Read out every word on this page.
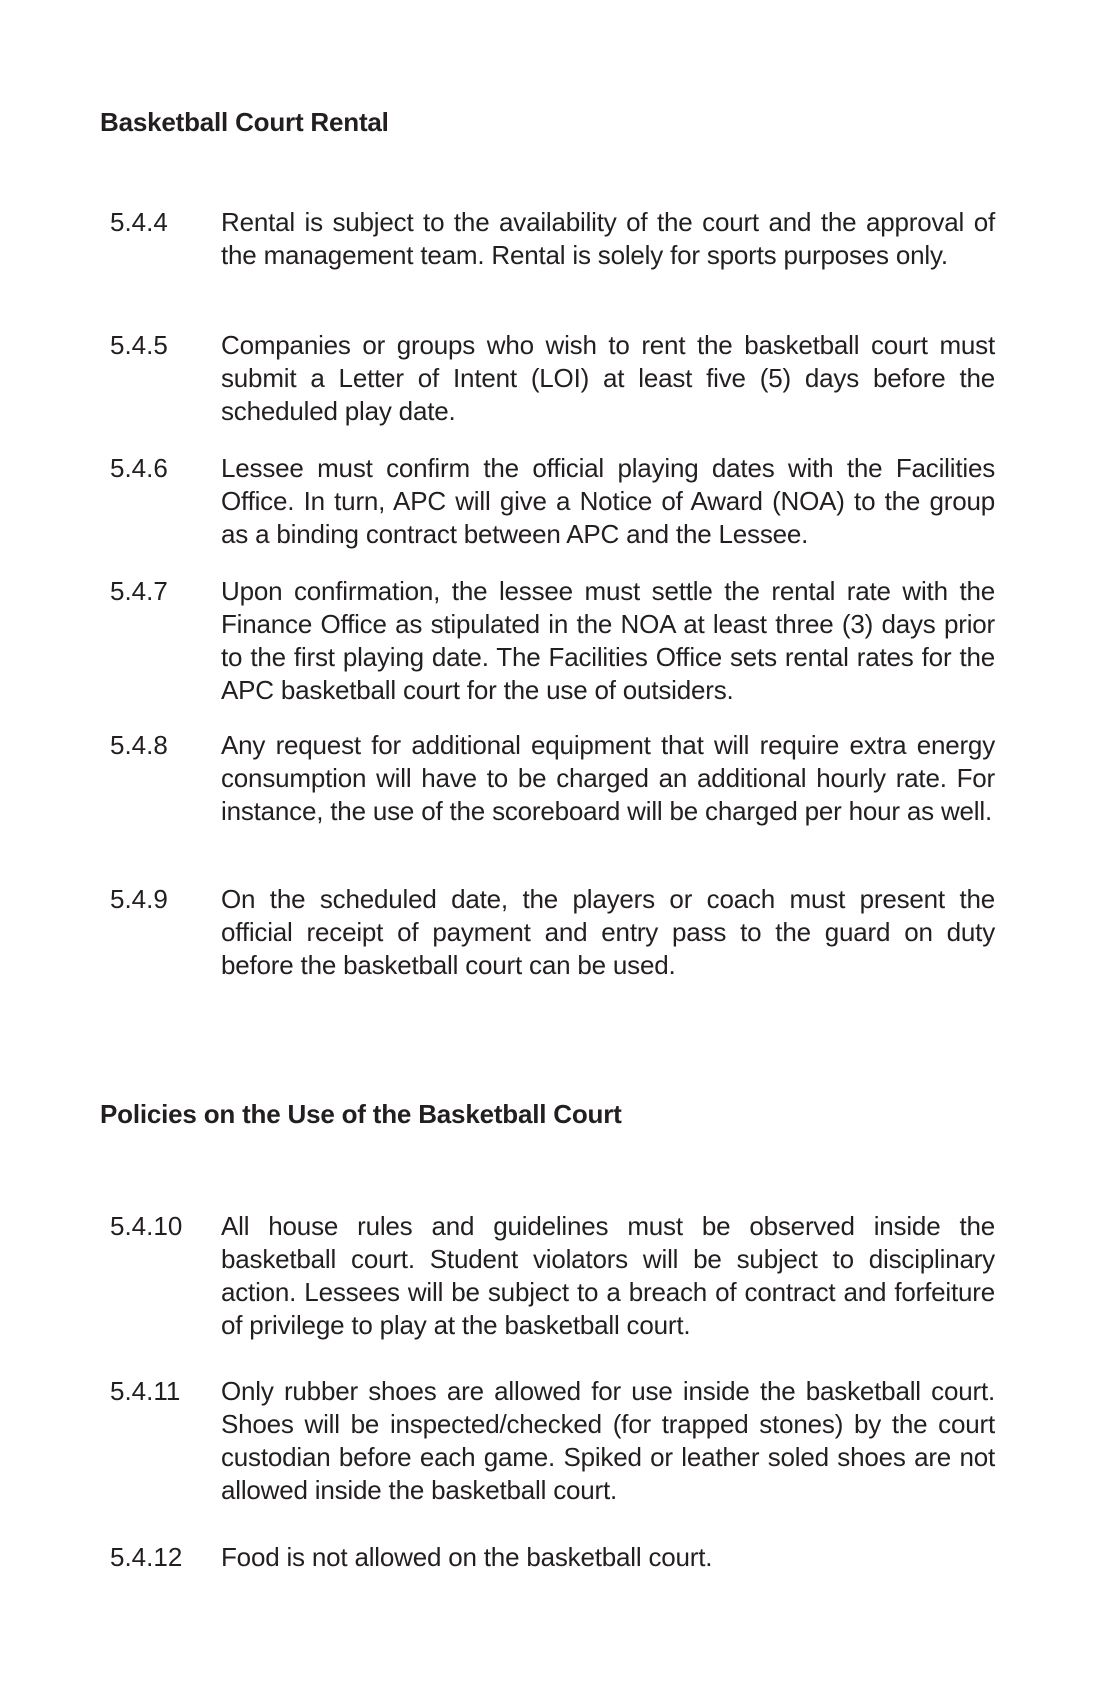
Basketball Court Rental
5.4.4	Rental is subject to the availability of the court and the approval of the management team. Rental is solely for sports purposes only.

5.4.5	Companies or groups who wish to rent the basketball court must submit a Letter of Intent (LOI) at least five (5) days before the scheduled play date.

5.4.6	Lessee must confirm the official playing dates with the Facilities Office. In turn, APC will give a Notice of Award (NOA) to the group as a binding contract between APC and the Lessee.

5.4.7	Upon confirmation, the lessee must settle the rental rate with the Finance Office as stipulated in the NOA at least three (3) days prior to the first playing date. The Facilities Office sets rental rates for the APC basketball court for the use of outsiders.

5.4.8	Any request for additional equipment that will require extra energy consumption will have to be charged an additional hourly rate. For instance, the use of the scoreboard will be charged per hour as well.

5.4.9	On the scheduled date, the players or coach must present the official receipt of payment and entry pass to the guard on duty before the basketball court can be used.

Policies on the Use of the Basketball Court
5.4.10	All house rules and guidelines must be observed inside the basketball court. Student violators will be subject to disciplinary action. Lessees will be subject to a breach of contract and forfeiture of privilege to play at the basketball court.

5.4.11	Only rubber shoes are allowed for use inside the basketball court. Shoes will be inspected/checked (for trapped stones) by the court custodian before each game. Spiked or leather soled shoes are not allowed inside the basketball court.

5.4.12	Food is not allowed on the basketball court.
